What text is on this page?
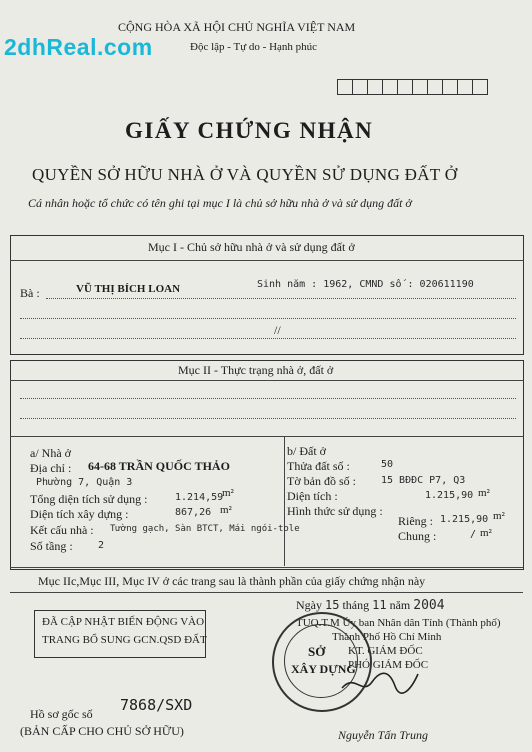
2dhReal.com
CỘNG HÒA XÃ HỘI CHỦ NGHĨA VIỆT NAM
Độc lập - Tự do - Hạnh phúc
GIẤY CHỨNG NHẬN
QUYỀN SỞ HỮU NHÀ Ở VÀ QUYỀN SỬ DỤNG ĐẤT Ở
Cá nhân hoặc tổ chức có tên ghi tại mục I là chủ sở hữu nhà ở và sử dụng đất ở
Mục I - Chủ sở hữu nhà ở và sử dụng đất ở
Bà :	VŨ THỊ BÍCH LOAN	Sinh năm : 1962, CMND số : 020611190
//
Mục II - Thực trạng nhà ở, đất ở
a/ Nhà ở
Địa chỉ : 64-68 TRẦN QUỐC THẢO
Phường 7, Quận 3
Tổng diện tích sử dụng :	1.214,59
m²
Diện tích xây dựng :	867,26 m²
Kết cấu nhà : Tường gạch, Sàn BTCT, Mái ngói-tole
Số tầng :	2
b/ Đất ở
Thửa đất số :	50
Tờ bản đồ số : 15 BĐĐC P7, Q3
Diện tích :	1.215,90 m²
Hình thức sử dụng :
Riêng : 1.215,90 m²
Chung :	/ m²
Mục IIc,Mục III, Mục IV ở các trang sau là thành phần của giấy chứng nhận này
Ngày 15 tháng 11 năm 2004
ĐÃ CẬP NHẬT BIẾN ĐỘNG VÀO
TRANG BỔ SUNG GCN.QSD ĐẤT
TUQ.T.M Ủy ban Nhân dân Tỉnh (Thành phố)
Thành Phố Hồ Chí Minh
KT. GIÁM ĐỐC
PHÓ GIÁM ĐỐC
SỞ
XÂY DỰNG
Hồ sơ gốc số 7868/SXD
(BẢN CẤP CHO CHỦ SỞ HỮU)	Nguyễn Tấn Trung
